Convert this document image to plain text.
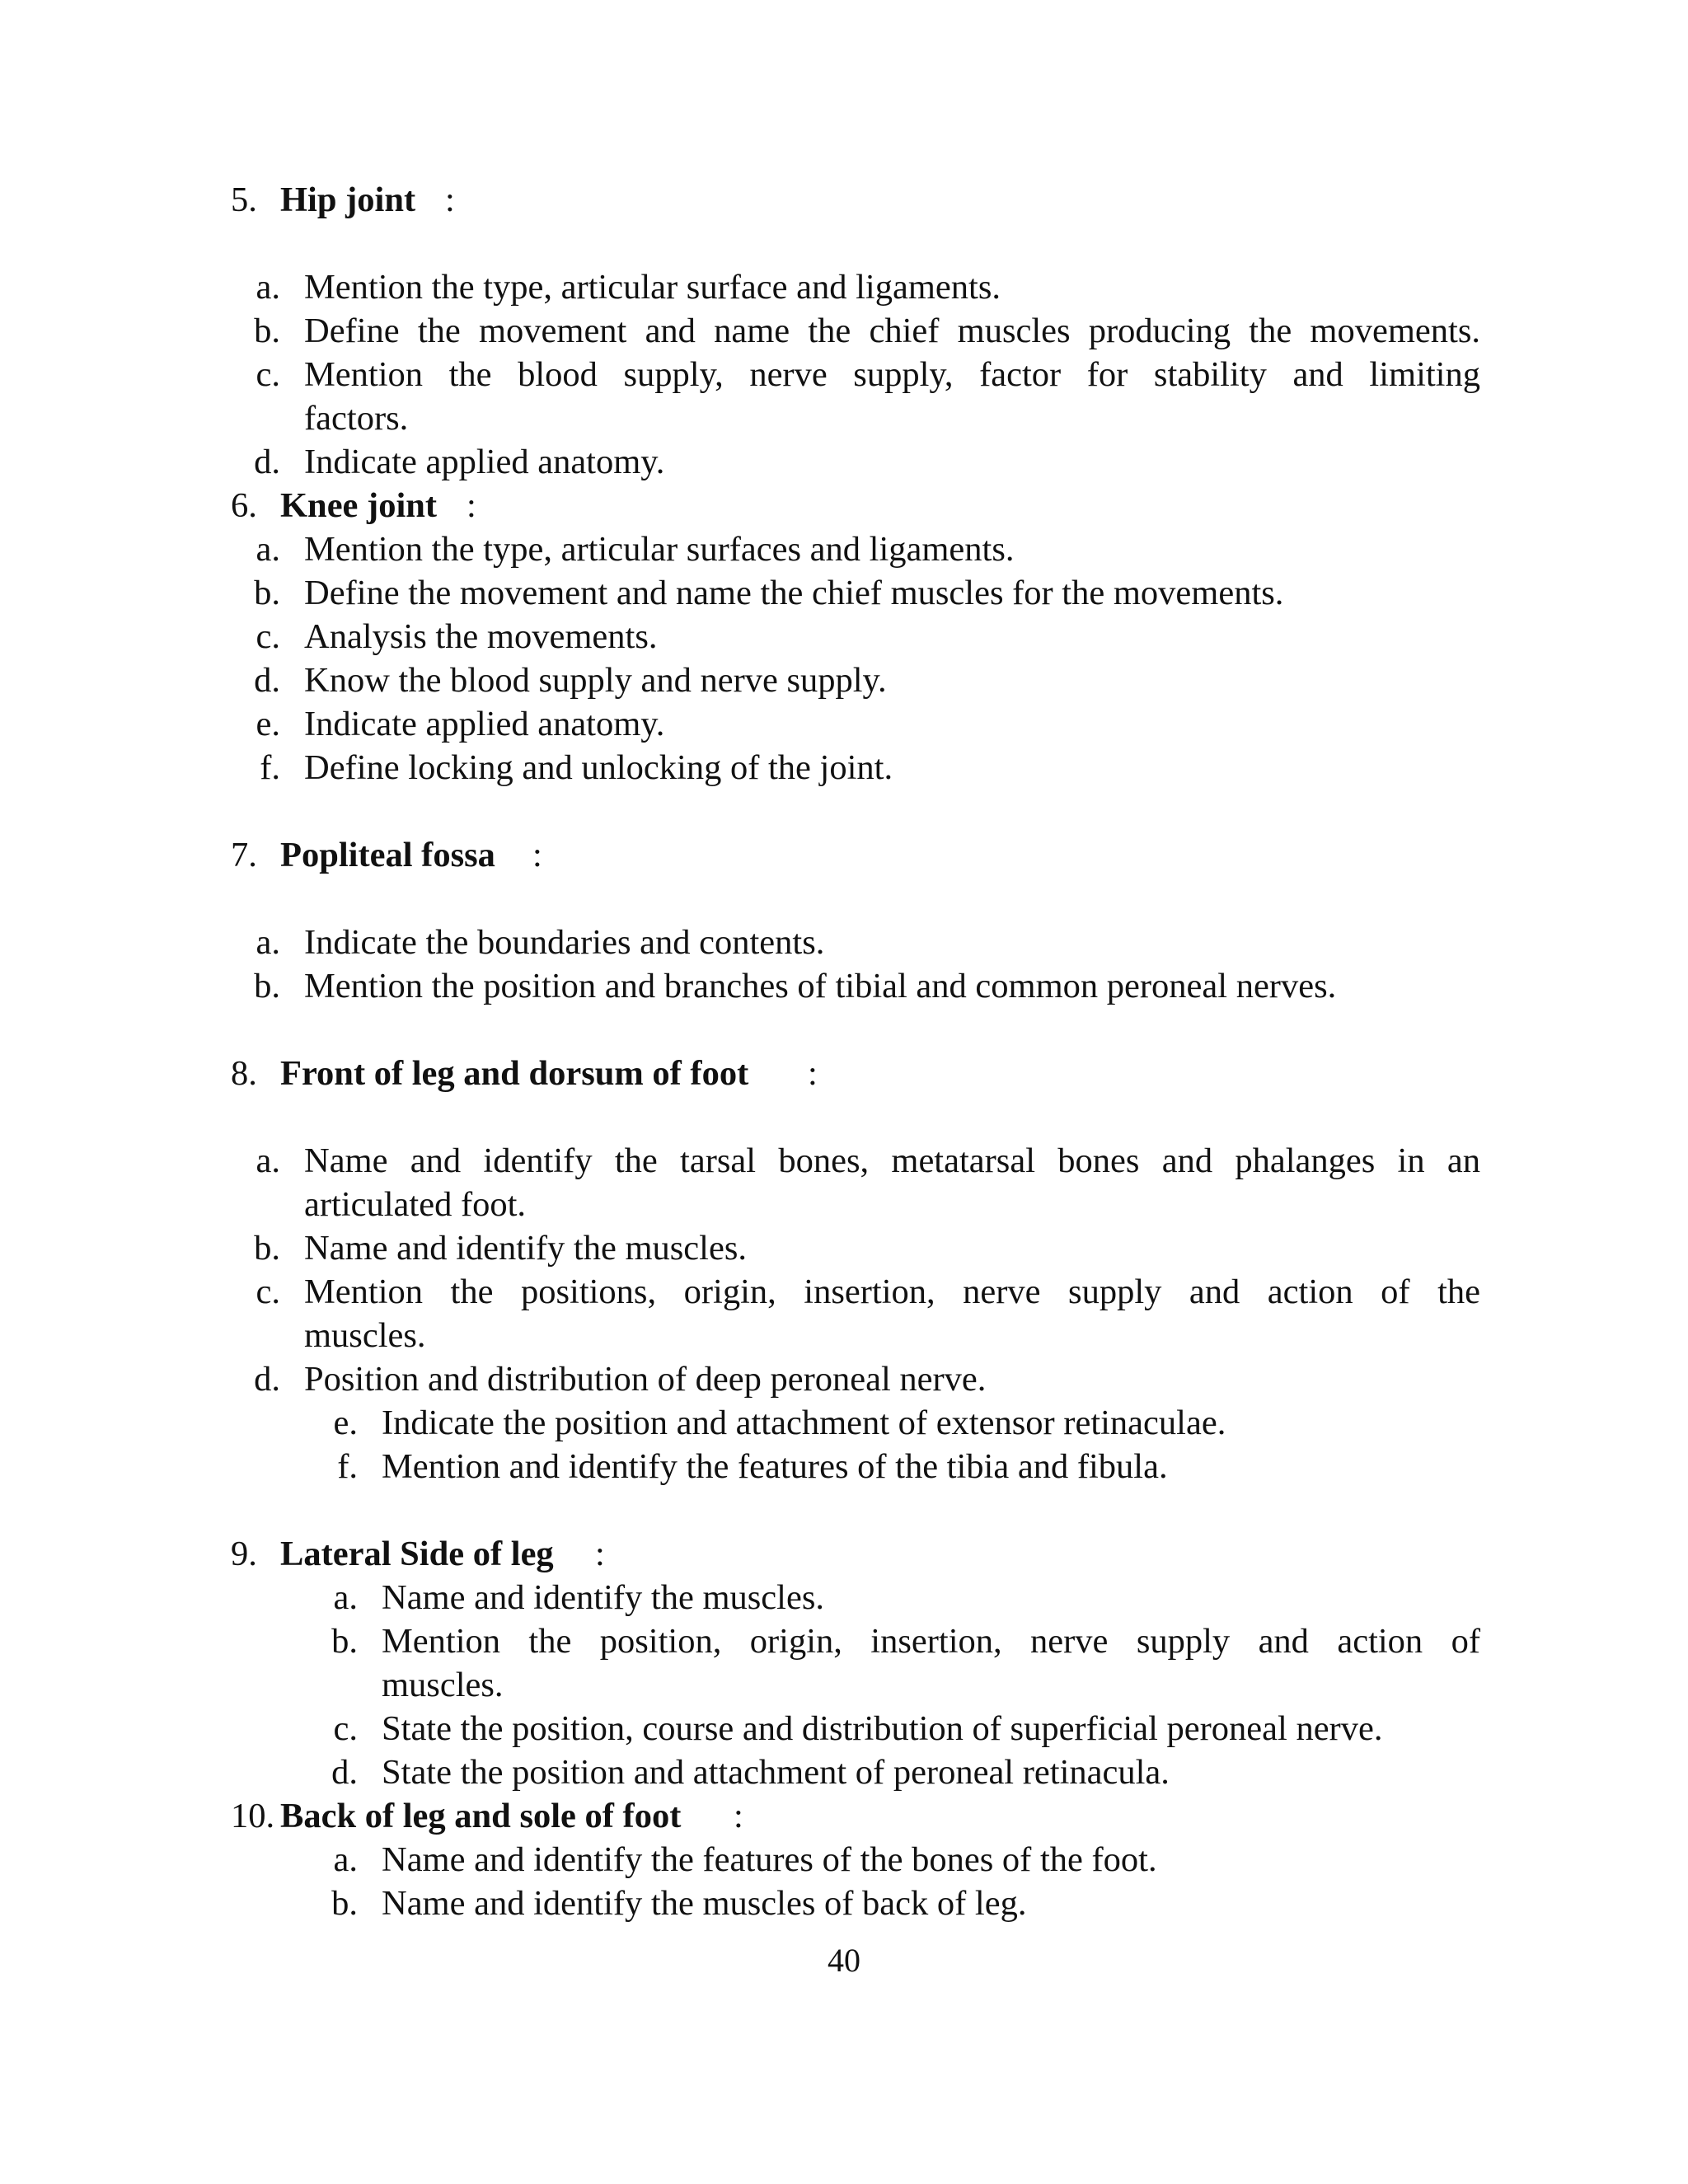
5. Hip joint :
a. Mention the type, articular surface and ligaments.
b. Define the movement and name the chief muscles producing the movements.
c. Mention the blood supply, nerve supply, factor for stability and limiting
factors.
d. Indicate applied anatomy.
6. Knee joint :
a. Mention the type, articular surfaces and ligaments.
b. Define the movement and name the chief muscles for the movements.
c. Analysis the movements.
d. Know the blood supply and nerve supply.
e. Indicate applied anatomy.
f. Define locking and unlocking of the joint.
7. Popliteal fossa :
a. Indicate the boundaries and contents.
b. Mention the position and branches of tibial and common peroneal nerves.
8. Front of leg and dorsum of foot :
a. Name and identify the tarsal bones, metatarsal bones and phalanges in an
articulated foot.
b. Name and identify the muscles.
c. Mention the positions, origin, insertion, nerve supply and action of the
muscles.
d. Position and distribution of deep peroneal nerve.
e. Indicate the position and attachment of extensor retinaculae.
f. Mention and identify the features of the tibia and fibula.
9. Lateral Side of leg :
a. Name and identify the muscles.
b. Mention the position, origin, insertion, nerve supply and action of
muscles.
c. State the position, course and distribution of superficial peroneal nerve.
d. State the position and attachment of peroneal retinacula.
10. Back of leg and sole of foot :
a. Name and identify the features of the bones of the foot.
b. Name and identify the muscles of back of leg.
40
